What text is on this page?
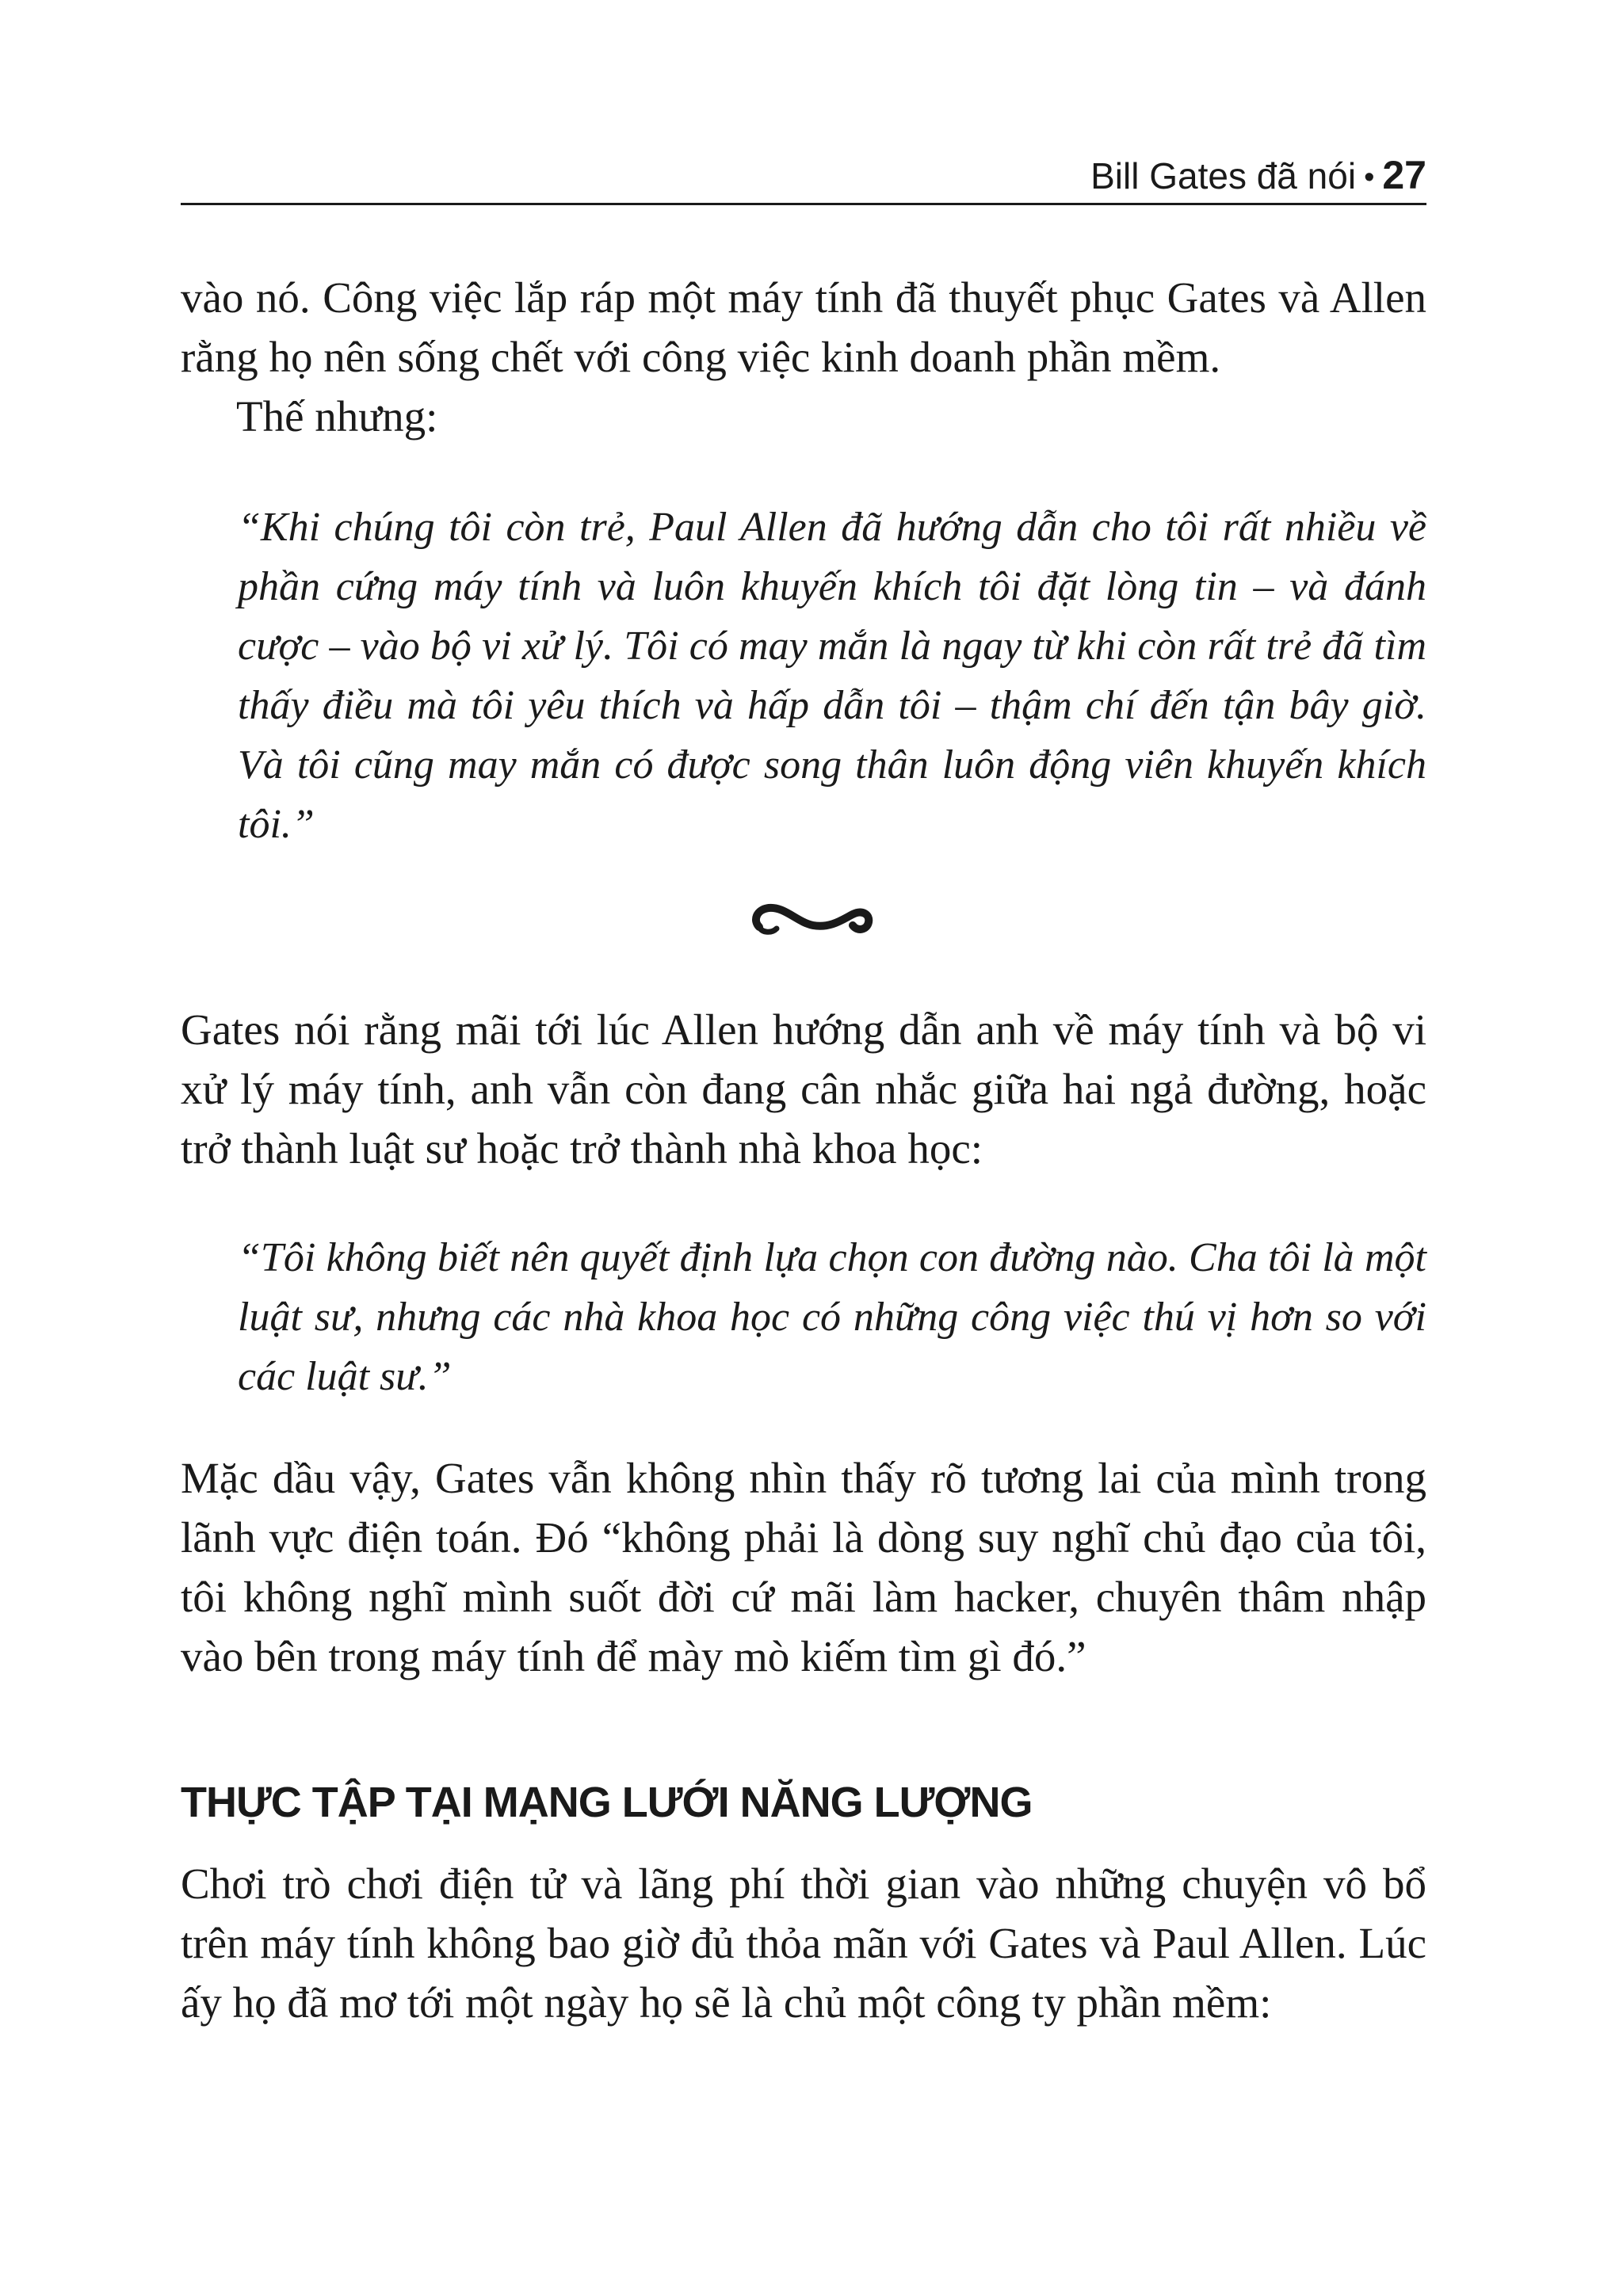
Bill Gates đã nói • 27

vào nó. Công việc lắp ráp một máy tính đã thuyết phục Gates và Allen rằng họ nên sống chết với công việc kinh doanh phần mềm.

Thế nhưng:

“Khi chúng tôi còn trẻ, Paul Allen đã hướng dẫn cho tôi rất nhiều về phần cứng máy tính và luôn khuyến khích tôi đặt lòng tin – và đánh cược – vào bộ vi xử lý. Tôi có may mắn là ngay từ khi còn rất trẻ đã tìm thấy điều mà tôi yêu thích và hấp dẫn tôi – thậm chí đến tận bây giờ. Và tôi cũng may mắn có được song thân luôn động viên khuyến khích tôi.”

Gates nói rằng mãi tới lúc Allen hướng dẫn anh về máy tính và bộ vi xử lý máy tính, anh vẫn còn đang cân nhắc giữa hai ngả đường, hoặc trở thành luật sư hoặc trở thành nhà khoa học:

“Tôi không biết nên quyết định lựa chọn con đường nào. Cha tôi là một luật sư, nhưng các nhà khoa học có những công việc thú vị hơn so với các luật sư.”

Mặc dầu vậy, Gates vẫn không nhìn thấy rõ tương lai của mình trong lãnh vực điện toán. Đó “không phải là dòng suy nghĩ chủ đạo của tôi, tôi không nghĩ mình suốt đời cứ mãi làm hacker, chuyên thâm nhập vào bên trong máy tính để mày mò kiếm tìm gì đó.”

THỰC TẬP TẠI MẠNG LƯỚI NĂNG LƯỢNG

Chơi trò chơi điện tử và lãng phí thời gian vào những chuyện vô bổ trên máy tính không bao giờ đủ thỏa mãn với Gates và Paul Allen. Lúc ấy họ đã mơ tới một ngày họ sẽ là chủ một công ty phần mềm:
